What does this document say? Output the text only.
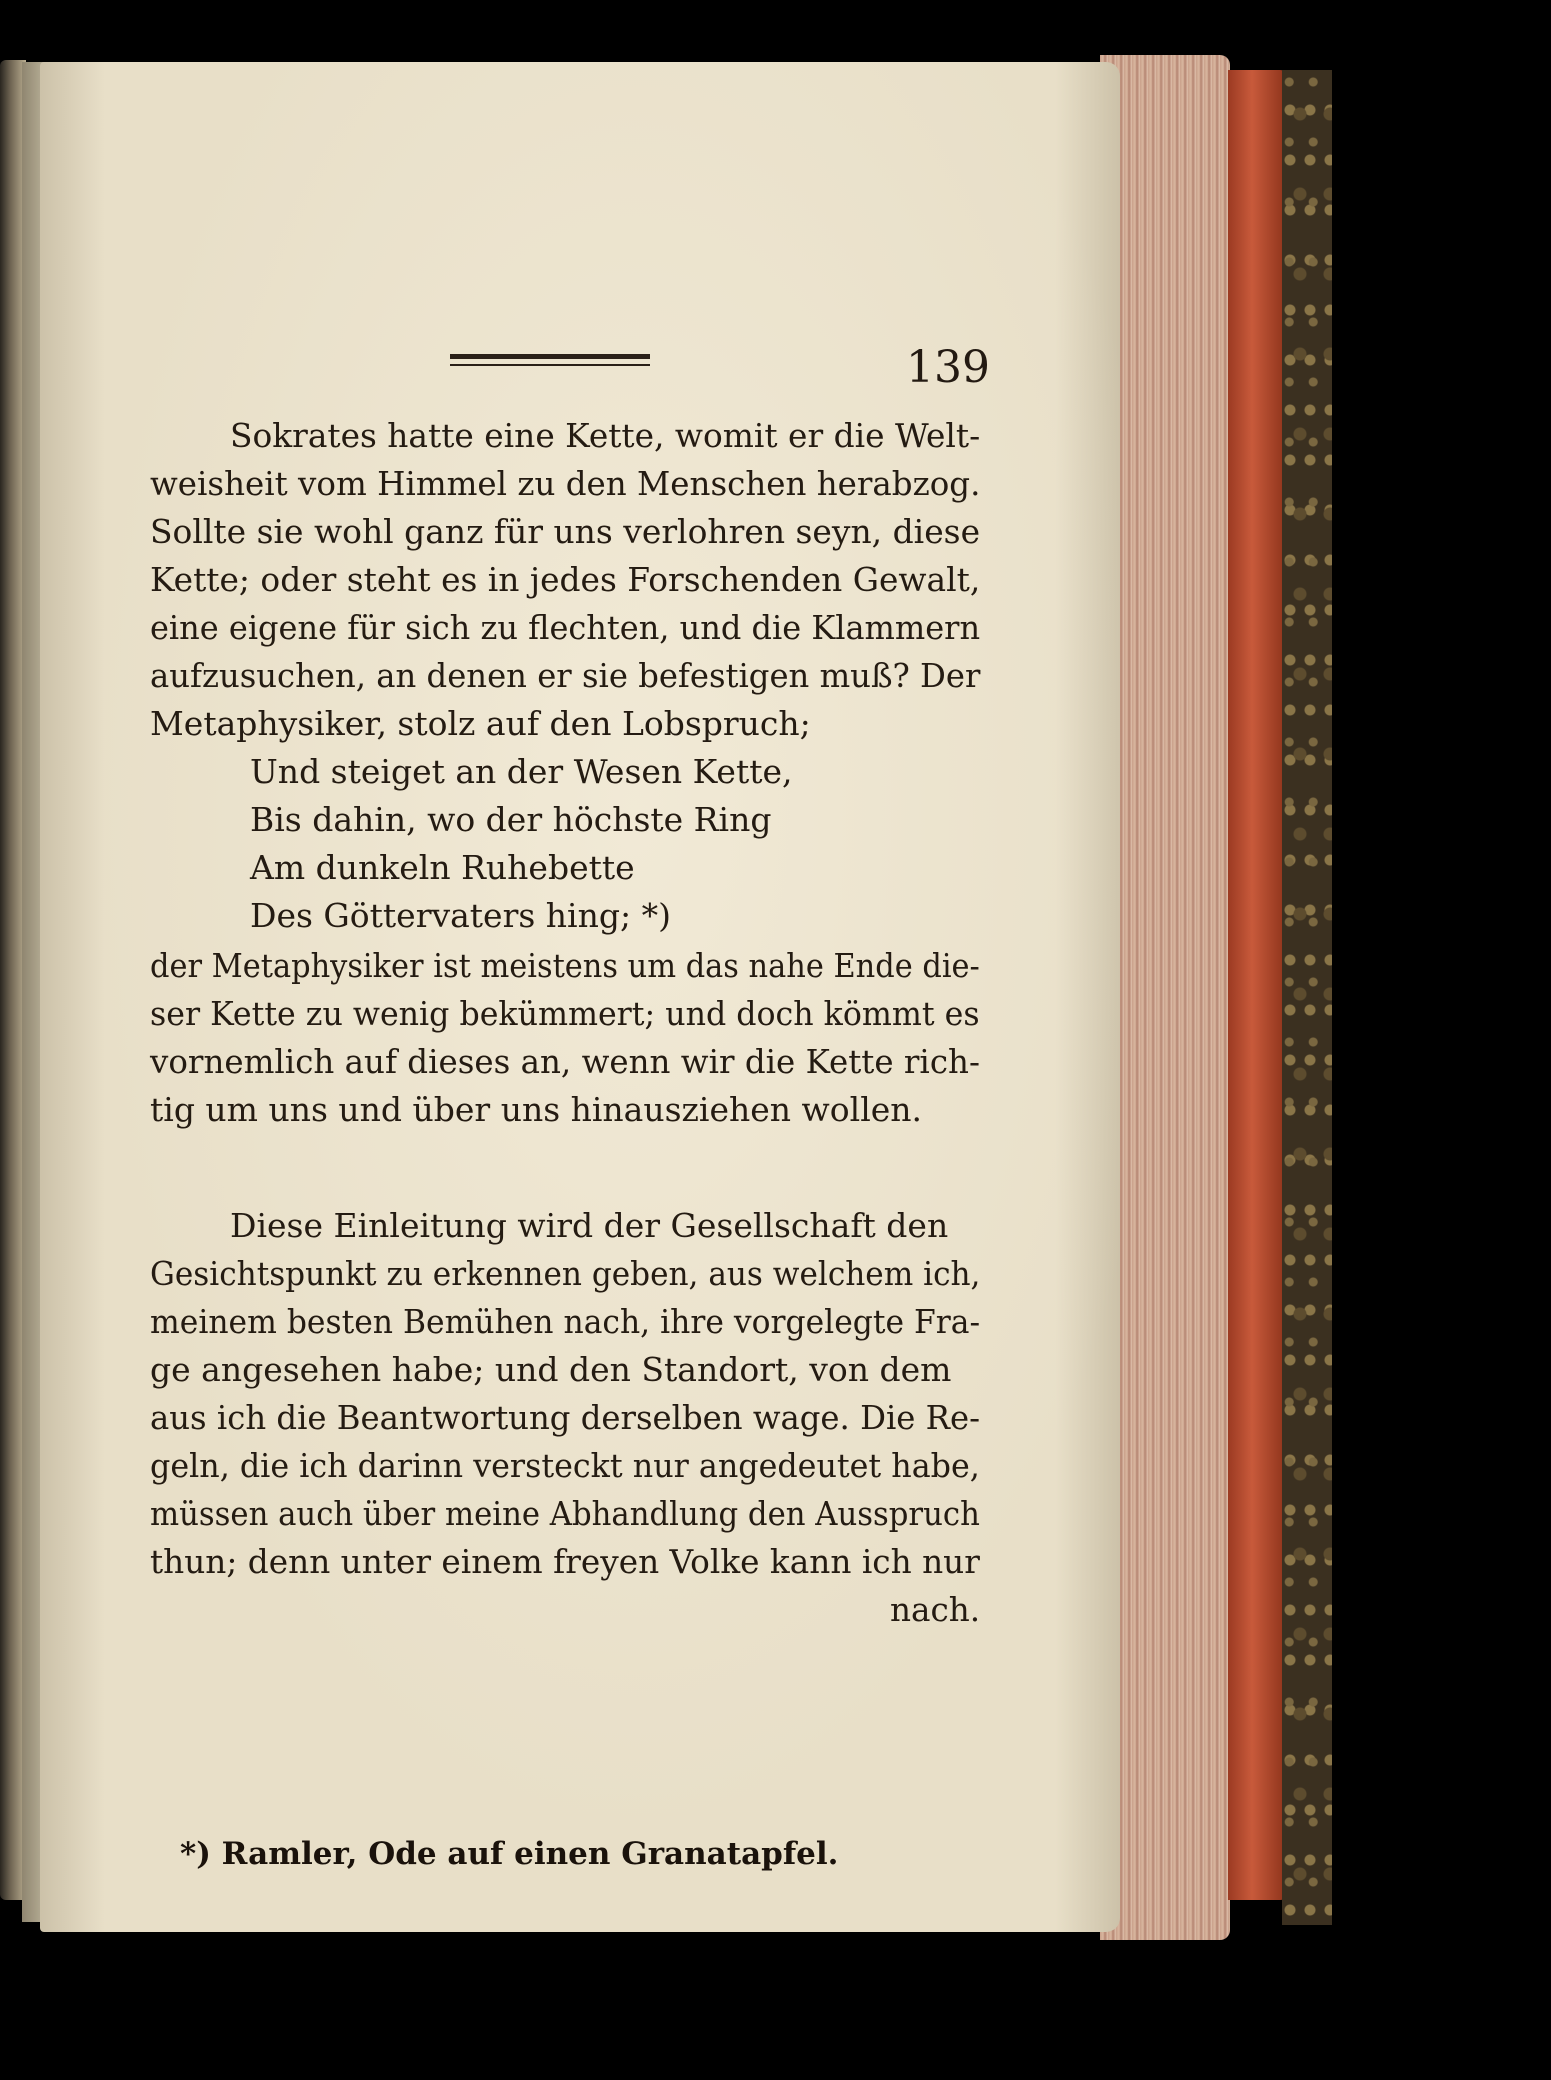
139
Sokrates hatte eine Kette, womit er die Welt-
weisheit vom Himmel zu den Menschen herabzog.
Sollte sie wohl ganz für uns verlohren seyn, diese
Kette; oder steht es in jedes Forschenden Gewalt,
eine eigene für sich zu flechten, und die Klammern
aufzusuchen, an denen er sie befestigen muß? Der
Metaphysiker, stolz auf den Lobspruch;
Und steiget an der Wesen Kette,
Bis dahin, wo der höchste Ring
Am dunkeln Ruhebette
Des Göttervaters hing; *)
der Metaphysiker ist meistens um das nahe Ende die-
ser Kette zu wenig bekümmert; und doch kömmt es
vornemlich auf dieses an, wenn wir die Kette rich-
tig um uns und über uns hinausziehen wollen.
Diese Einleitung wird der Gesellschaft den
Gesichtspunkt zu erkennen geben, aus welchem ich,
meinem besten Bemühen nach, ihre vorgelegte Fra-
ge angesehen habe; und den Standort, von dem
aus ich die Beantwortung derselben wage. Die Re-
geln, die ich darinn versteckt nur angedeutet habe,
müssen auch über meine Abhandlung den Ausspruch
thun; denn unter einem freyen Volke kann ich nur
nach.
*) Ramler, Ode auf einen Granatapfel.
